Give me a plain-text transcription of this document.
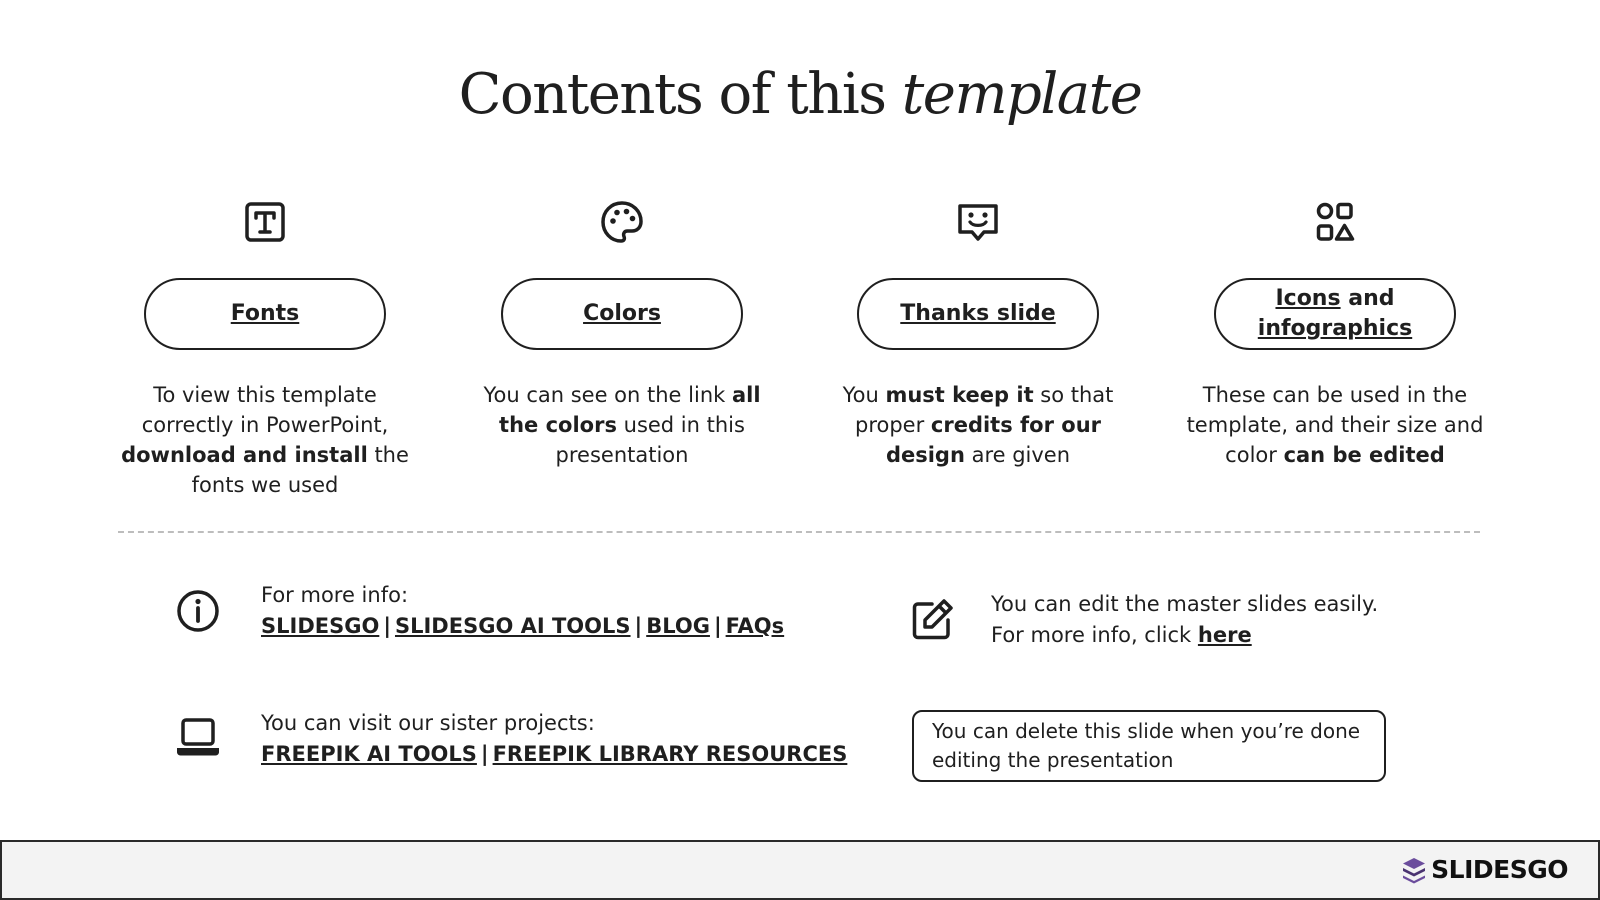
Contents of this template
Fonts

To view this template correctly in PowerPoint, download and install the fonts we used

Colors

You can see on the link all the colors used in this presentation

Thanks slide

You must keep it so that proper credits for our design are given

Icons and
infographics

These can be used in the template, and their size and color can be edited

For more info:
SLIDESGO | SLIDESGO AI TOOLS | BLOG | FAQs
You can visit our sister projects:
FREEPIK AI TOOLS | FREEPIK LIBRARY RESOURCES
You can edit the master slides easily.
For more info, click here
You can delete this slide when you’re done editing the presentation
SLIDESGO
